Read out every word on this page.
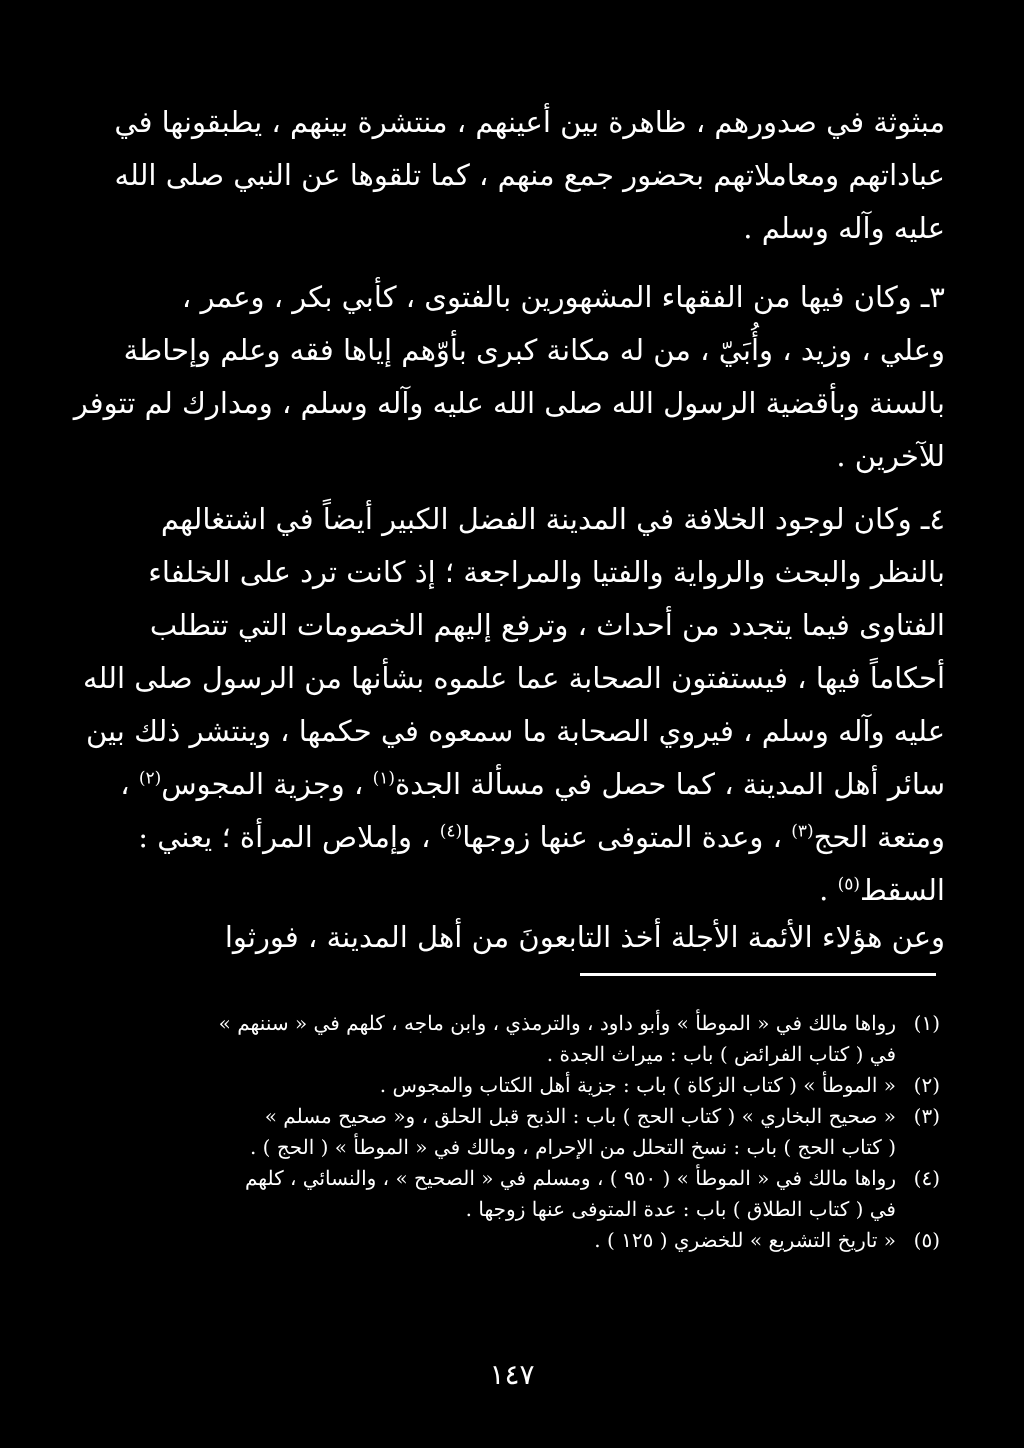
مبثوثة في صدورهم ، ظاهرة بين أعينهم ، منتشرة بينهم ، يطبقونها في
عباداتهم ومعاملاتهم بحضور جمع منهم ، كما تلقوها عن النبي صلى الله
عليه وآله وسلم .
٣ـ وكان فيها من الفقهاء المشهورين بالفتوى ، كأبي بكر ، وعمر ،
وعلي ، وزيد ، وأُبَيّ ، من له مكانة كبرى بأوّهم إياها فقه وعلم وإحاطة
بالسنة وبأقضية الرسول الله صلى الله عليه وآله وسلم ، ومدارك لم تتوفر
للآخرين .
٤ـ وكان لوجود الخلافة في المدينة الفضل الكبير أيضاً في اشتغالهم
بالنظر والبحث والرواية والفتيا والمراجعة ؛ إذ كانت ترد على الخلفاء
الفتاوى فيما يتجدد من أحداث ، وترفع إليهم الخصومات التي تتطلب
أحكاماً فيها ، فيستفتون الصحابة عما علموه بشأنها من الرسول صلى الله
عليه وآله وسلم ، فيروي الصحابة ما سمعوه في حكمها ، وينتشر ذلك بين
سائر أهل المدينة ، كما حصل في مسألة الجدة$^{(١)}$ ، وجزية المجوس$^{(٢)}$ ،
ومتعة الحج$^{(٣)}$ ، وعدة المتوفى عنها زوجها$^{(٤)}$ ، وإملاص المرأة ؛ يعني :
السقط$^{(٥)}$ .
وعن هؤلاء الأئمة الأجلة أخذ التابعونَ من أهل المدينة ، فورثوا
(١)
رواها مالك في « الموطأ » وأبو داود ، والترمذي ، وابن ماجه ، كلهم في « سننهم »
في ( كتاب الفرائض ) باب : ميراث الجدة .
(٢)
« الموطأ » ( كتاب الزكاة ) باب : جزية أهل الكتاب والمجوس .
(٣)
« صحيح البخاري » ( كتاب الحج ) باب : الذبح قبل الحلق ، و« صحيح مسلم »
( كتاب الحج ) باب : نسخ التحلل من الإحرام ، ومالك في « الموطأ » ( الحج ) .
(٤)
رواها مالك في « الموطأ » ( ٩٥٠ ) ، ومسلم في « الصحيح » ، والنسائي ، كلهم
في ( كتاب الطلاق ) باب : عدة المتوفى عنها زوجها .
(٥)
« تاريخ التشريع » للخضري ( ١٢٥ ) .
١٤٧
